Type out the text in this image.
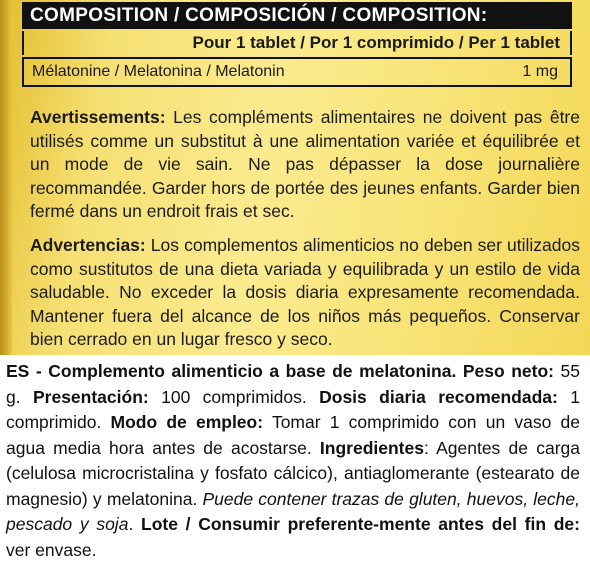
COMPOSITION / COMPOSICIÓN / COMPOSITION:
Pour 1 tablet / Por 1 comprimido / Per 1 tablet
Mélatonine / Melatonina / Melatonin	1 mg
Avertissements: Les compléments alimentaires ne doivent pas être utilisés comme un substitut à une alimentation variée et équilibrée et un mode de vie sain. Ne pas dépasser la dose journalière recommandée. Garder hors de portée des jeunes enfants. Garder bien fermé dans un endroit frais et sec.
Advertencias: Los complementos alimenticios no deben ser utilizados como sustitutos de una dieta variada y equilibrada y un estilo de vida saludable. No exceder la dosis diaria expresamente recomendada. Mantener fuera del alcance de los niños más pequeños. Conservar bien cerrado en un lugar fresco y seco.
ES - Complemento alimenticio a base de melatonina. Peso neto: 55 g. Presentación: 100 comprimidos. Dosis diaria recomendada: 1 comprimido. Modo de empleo: Tomar 1 comprimido con un vaso de agua media hora antes de acostarse. Ingredientes: Agentes de carga (celulosa microcristalina y fosfato cálcico), antiaglomerante (estearato de magnesio) y melatonina. Puede contener trazas de gluten, huevos, leche, pescado y soja. Lote / Consumir preferente-mente antes del fin de: ver envase.
